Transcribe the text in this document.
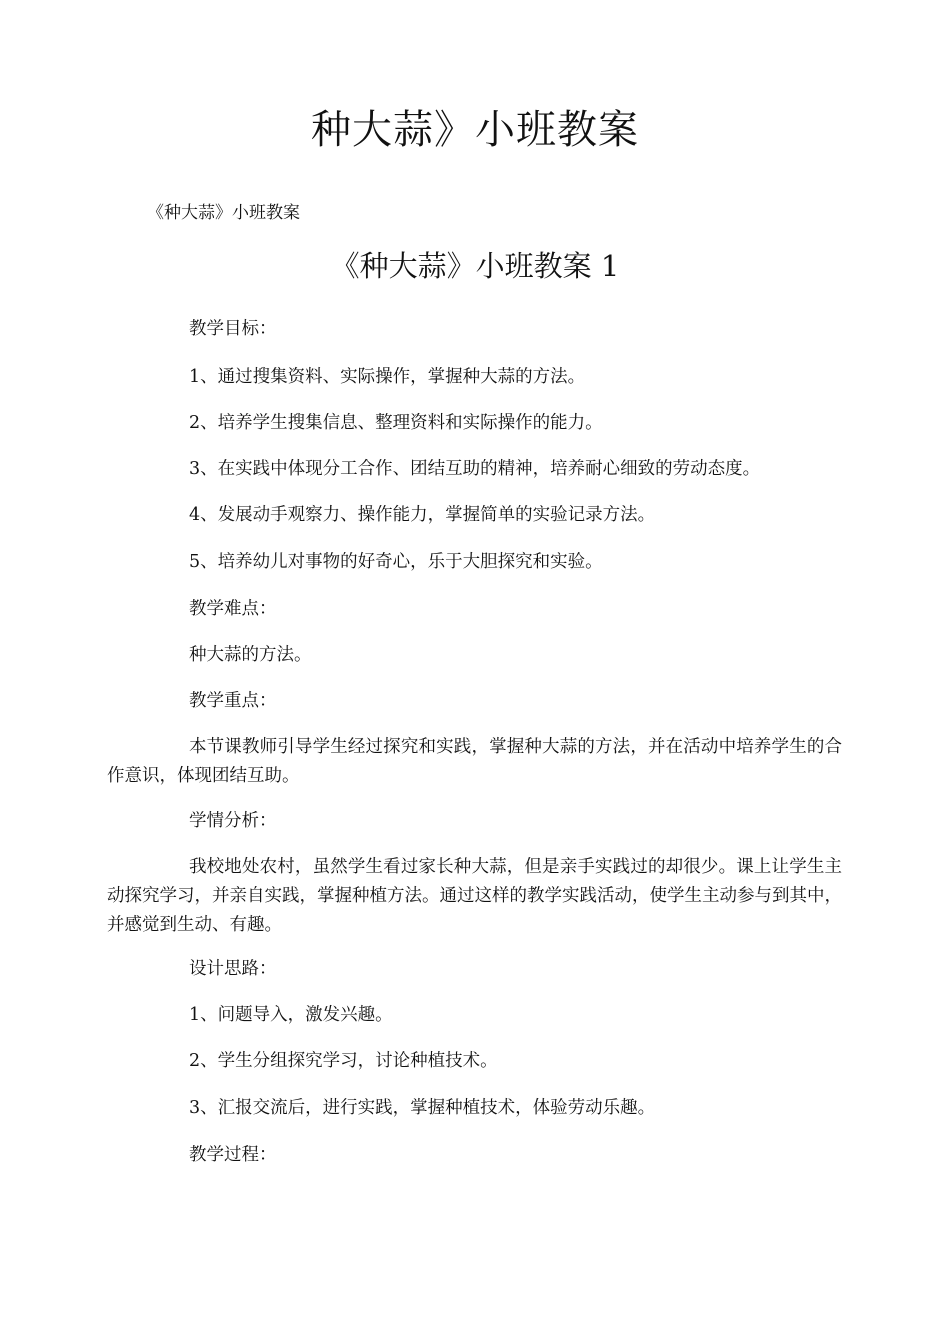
种大蒜》小班教案

《种大蒜》小班教案

《种大蒜》小班教案 1

教学目标：

1、通过搜集资料、实际操作，掌握种大蒜的方法。

2、培养学生搜集信息、整理资料和实际操作的能力。

3、在实践中体现分工合作、团结互助的精神，培养耐心细致的劳动态度。

4、发展动手观察力、操作能力，掌握简单的实验记录方法。

5、培养幼儿对事物的好奇心，乐于大胆探究和实验。

教学难点：

种大蒜的方法。

教学重点：

本节课教师引导学生经过探究和实践，掌握种大蒜的方法，并在活动中培养学生的合作意识，体现团结互助。

学情分析：

我校地处农村，虽然学生看过家长种大蒜，但是亲手实践过的却很少。课上让学生主动探究学习，并亲自实践，掌握种植方法。通过这样的教学实践活动，使学生主动参与到其中，并感觉到生动、有趣。

设计思路：

1、问题导入，激发兴趣。

2、学生分组探究学习，讨论种植技术。

3、汇报交流后，进行实践，掌握种植技术，体验劳动乐趣。

教学过程：
